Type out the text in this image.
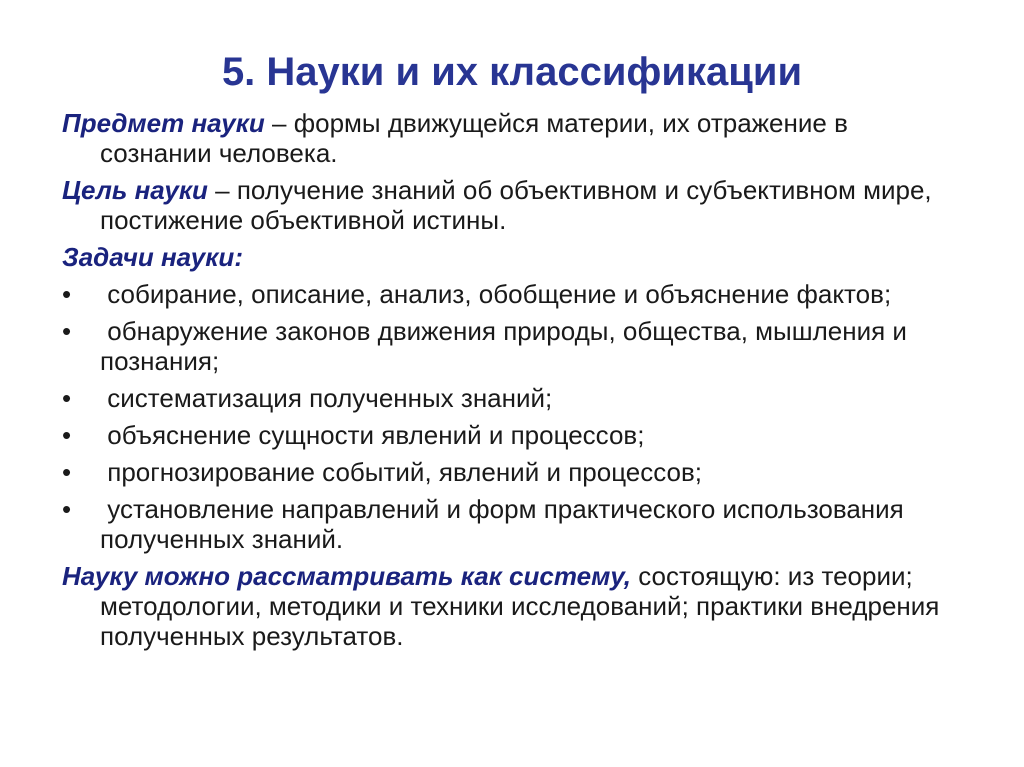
5. Науки и их классификации
Предмет науки – формы движущейся материи, их отражение в сознании человека.
Цель науки – получение знаний об объективном и субъективном мире, постижение объективной истины.
Задачи науки:
•	собирание, описание, анализ, обобщение и объяснение фактов;
•	обнаружение законов движения природы, общества, мышления и познания;
•	систематизация полученных знаний;
•	объяснение сущности явлений и процессов;
•	прогнозирование событий, явлений и процессов;
•	установление направлений и форм практического использования полученных знаний.
Науку можно рассматривать как систему, состоящую: из теории; методологии, методики и техники исследований; практики внедрения полученных результатов.
